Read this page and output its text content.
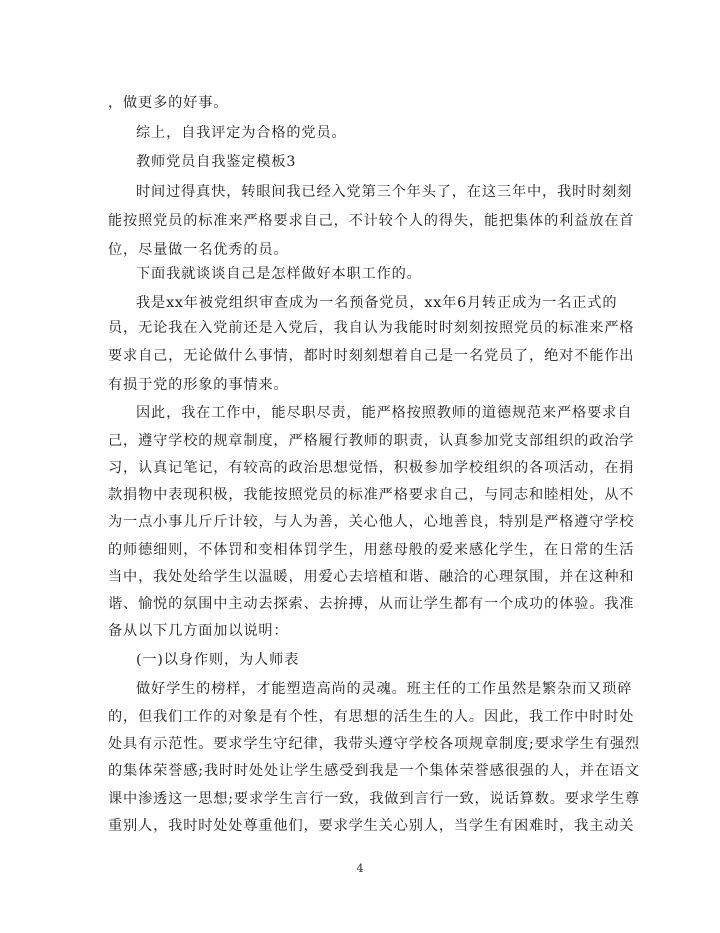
，做更多的好事。
综上，自我评定为合格的党员。
教师党员自我鉴定模板3
时间过得真快，转眼间我已经入党第三个年头了，在这三年中，我时时刻刻
能按照党员的标准来严格要求自己，不计较个人的得失，能把集体的利益放在首
位，尽量做一名优秀的员。
下面我就谈谈自己是怎样做好本职工作的。
我是xx年被党组织审查成为一名预备党员，xx年6月转正成为一名正式的
员，无论我在入党前还是入党后，我自认为我能时时刻刻按照党员的标准来严格
要求自己，无论做什么事情，都时时刻刻想着自己是一名党员了，绝对不能作出
有损于党的形象的事情来。
因此，我在工作中，能尽职尽责，能严格按照教师的道德规范来严格要求自
己，遵守学校的规章制度，严格履行教师的职责，认真参加党支部组织的政治学
习，认真记笔记，有较高的政治思想觉悟，积极参加学校组织的各项活动，在捐
款捐物中表现积极，我能按照党员的标准严格要求自己，与同志和睦相处，从不
为一点小事儿斤斤计较，与人为善，关心他人，心地善良，特别是严格遵守学校
的师德细则，不体罚和变相体罚学生，用慈母般的爱来感化学生，在日常的生活
当中，我处处给学生以温暖，用爱心去培植和谐、融洽的心理氛围，并在这种和
谐、愉悦的氛围中主动去探索、去拚搏，从而让学生都有一个成功的体验。我准
备从以下几方面加以说明：
(一)以身作则，为人师表
做好学生的榜样，才能塑造高尚的灵魂。班主任的工作虽然是繁杂而又琐碎
的，但我们工作的对象是有个性，有思想的活生生的人。因此，我工作中时时处
处具有示范性。要求学生守纪律，我带头遵守学校各项规章制度;要求学生有强烈
的集体荣誉感;我时时处处让学生感受到我是一个集体荣誉感很强的人，并在语文
课中渗透这一思想;要求学生言行一致，我做到言行一致，说话算数。要求学生尊
重别人，我时时处处尊重他们，要求学生关心别人，当学生有困难时，我主动关
4
